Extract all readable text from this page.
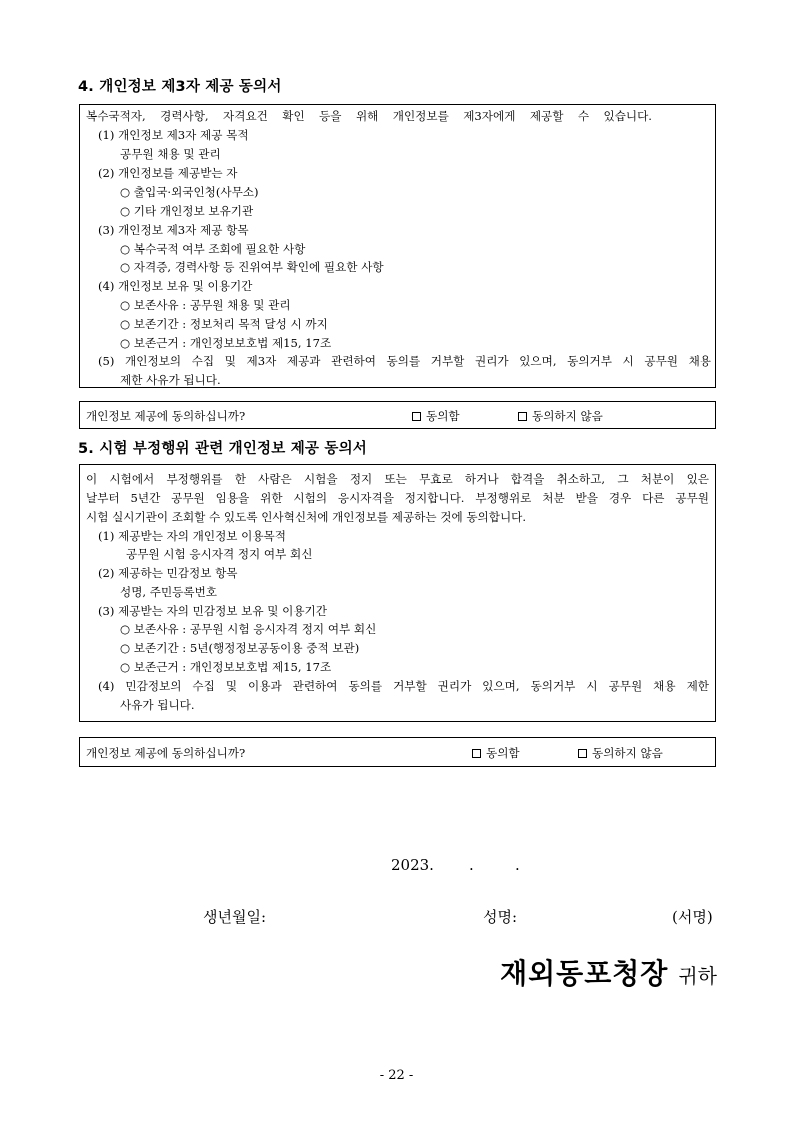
4. 개인정보 제3자 제공 동의서
복수국적자, 경력사항, 자격요건 확인 등을 위해 개인정보를 제3자에게 제공할 수 있습니다.
(1) 개인정보 제3자 제공 목적
공무원 채용 및 관리
(2) 개인정보를 제공받는 자
○ 출입국·외국인청(사무소)
○ 기타 개인정보 보유기관
(3) 개인정보 제3자 제공 항목
○ 복수국적 여부 조회에 필요한 사항
○ 자격증, 경력사항 등 진위여부 확인에 필요한 사항
(4) 개인정보 보유 및 이용기간
○ 보존사유 : 공무원 채용 및 관리
○ 보존기간 : 정보처리 목적 달성 시 까지
○ 보존근거 : 개인정보보호법 제15, 17조
(5) 개인정보의 수집 및 제3자 제공과 관련하여 동의를 거부할 권리가 있으며, 동의거부 시 공무원 채용
제한 사유가 됩니다.
개인정보 제공에 동의하십니까?	동의함	동의하지 않음
5. 시험 부정행위 관련 개인정보 제공 동의서
이 시험에서 부정행위를 한 사람은 시험을 정지 또는 무효로 하거나 합격을 취소하고, 그 처분이 있은
날부터 5년간 공무원 임용을 위한 시험의 응시자격을 정지합니다. 부정행위로 처분 받을 경우 다른 공무원
시험 실시기관이 조회할 수 있도록 인사혁신처에 개인정보를 제공하는 것에 동의합니다.
(1) 제공받는 자의 개인정보 이용목적
공무원 시험 응시자격 정지 여부 회신
(2) 제공하는 민감정보 항목
성명, 주민등록번호
(3) 제공받는 자의 민감정보 보유 및 이용기간
○ 보존사유 : 공무원 시험 응시자격 정지 여부 회신
○ 보존기간 : 5년(행정정보공동이용 중적 보관)
○ 보존근거 : 개인정보보호법 제15, 17조
(4) 민감정보의 수집 및 이용과 관련하여 동의를 거부할 권리가 있으며, 동의거부 시 공무원 채용 제한
사유가 됩니다.
개인정보 제공에 동의하십니까?	동의함	동의하지 않음
2023. .	.
생년월일:	성명:	(서명)
재외동포청장 귀하
- 22 -
